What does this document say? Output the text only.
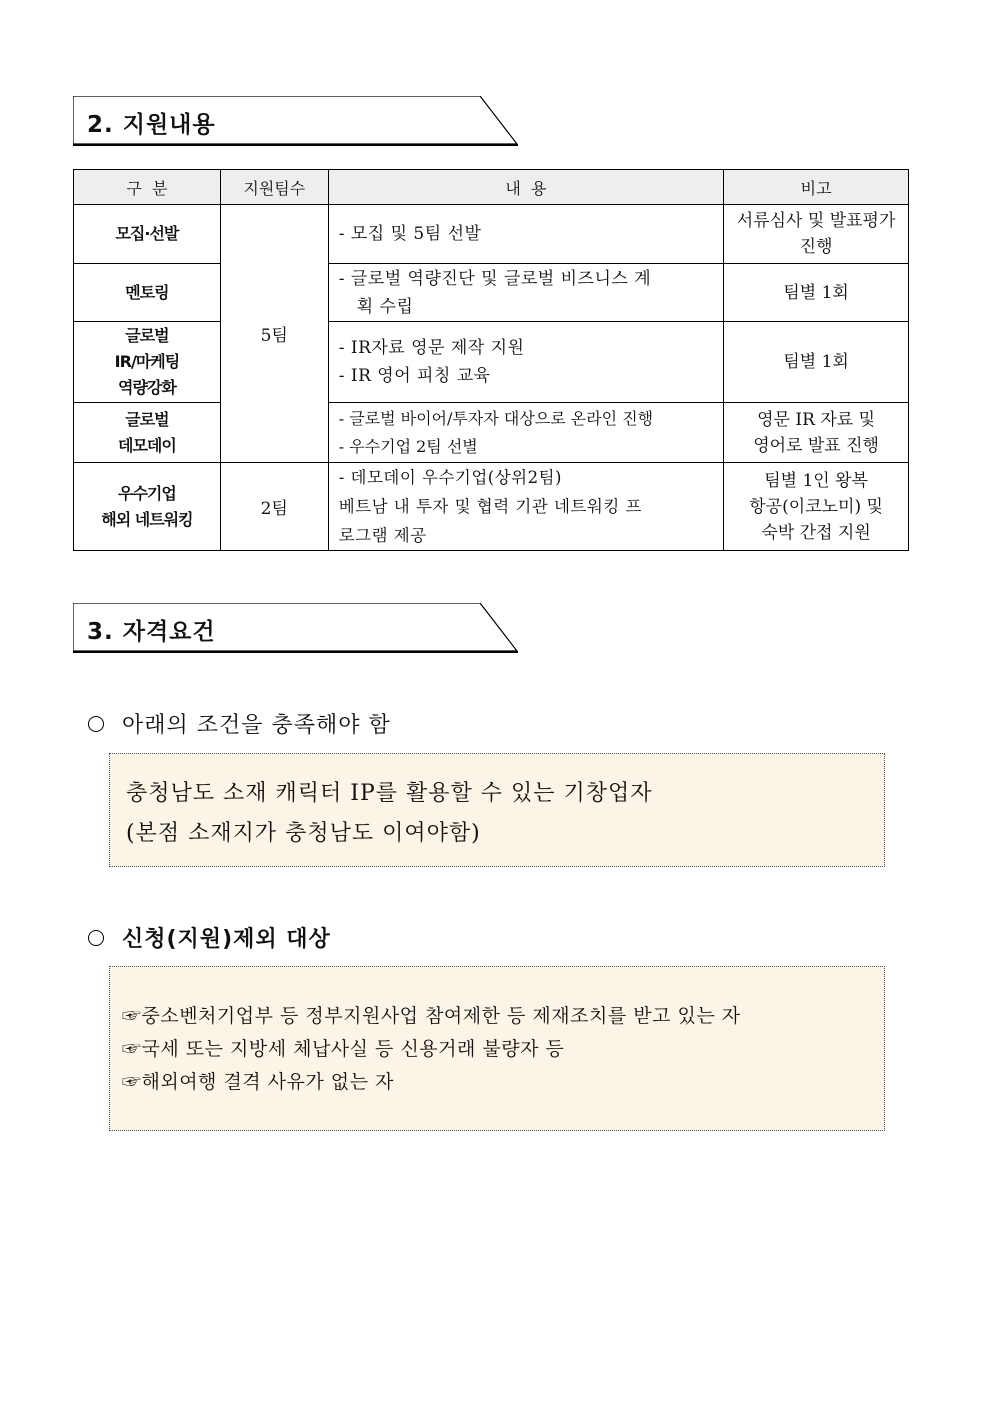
2. 지원내용
구  분	지원팀수	내  용	비고
모집·선발	5팀	- 모집 및 5팀 선발	서류심사 및 발표평가
진행

멘토링		- 글로벌 역량진단 및 글로벌 비즈니스 계
획 수립	팀별 1회

글로벌
IR/마케팅
역량강화		- IR자료 영문 제작 지원
- IR 영어 피칭 교육	팀별 1회

글로벌
데모데이		- 글로벌 바이어/투자자 대상으로 온라인 진행
- 우수기업 2팀 선별	영문 IR 자료 및
영어로 발표 진행

우수기업
해외 네트워킹	2팀	- 데모데이 우수기업(상위2팀)
베트남 내 투자 및 협력 기관 네트워킹 프
로그램 제공	팀별 1인 왕복
항공(이코노미) 및
숙박 간접 지원
3. 자격요건
아래의 조건을 충족해야 함
충청남도 소재 캐릭터 IP를 활용할 수 있는 기창업자
(본점 소재지가 충청남도 이여야함)
신청(지원)제외 대상
☞중소벤처기업부 등 정부지원사업 참여제한 등 제재조치를 받고 있는 자
☞국세 또는 지방세 체납사실 등 신용거래 불량자 등
☞해외여행 결격 사유가 없는 자
